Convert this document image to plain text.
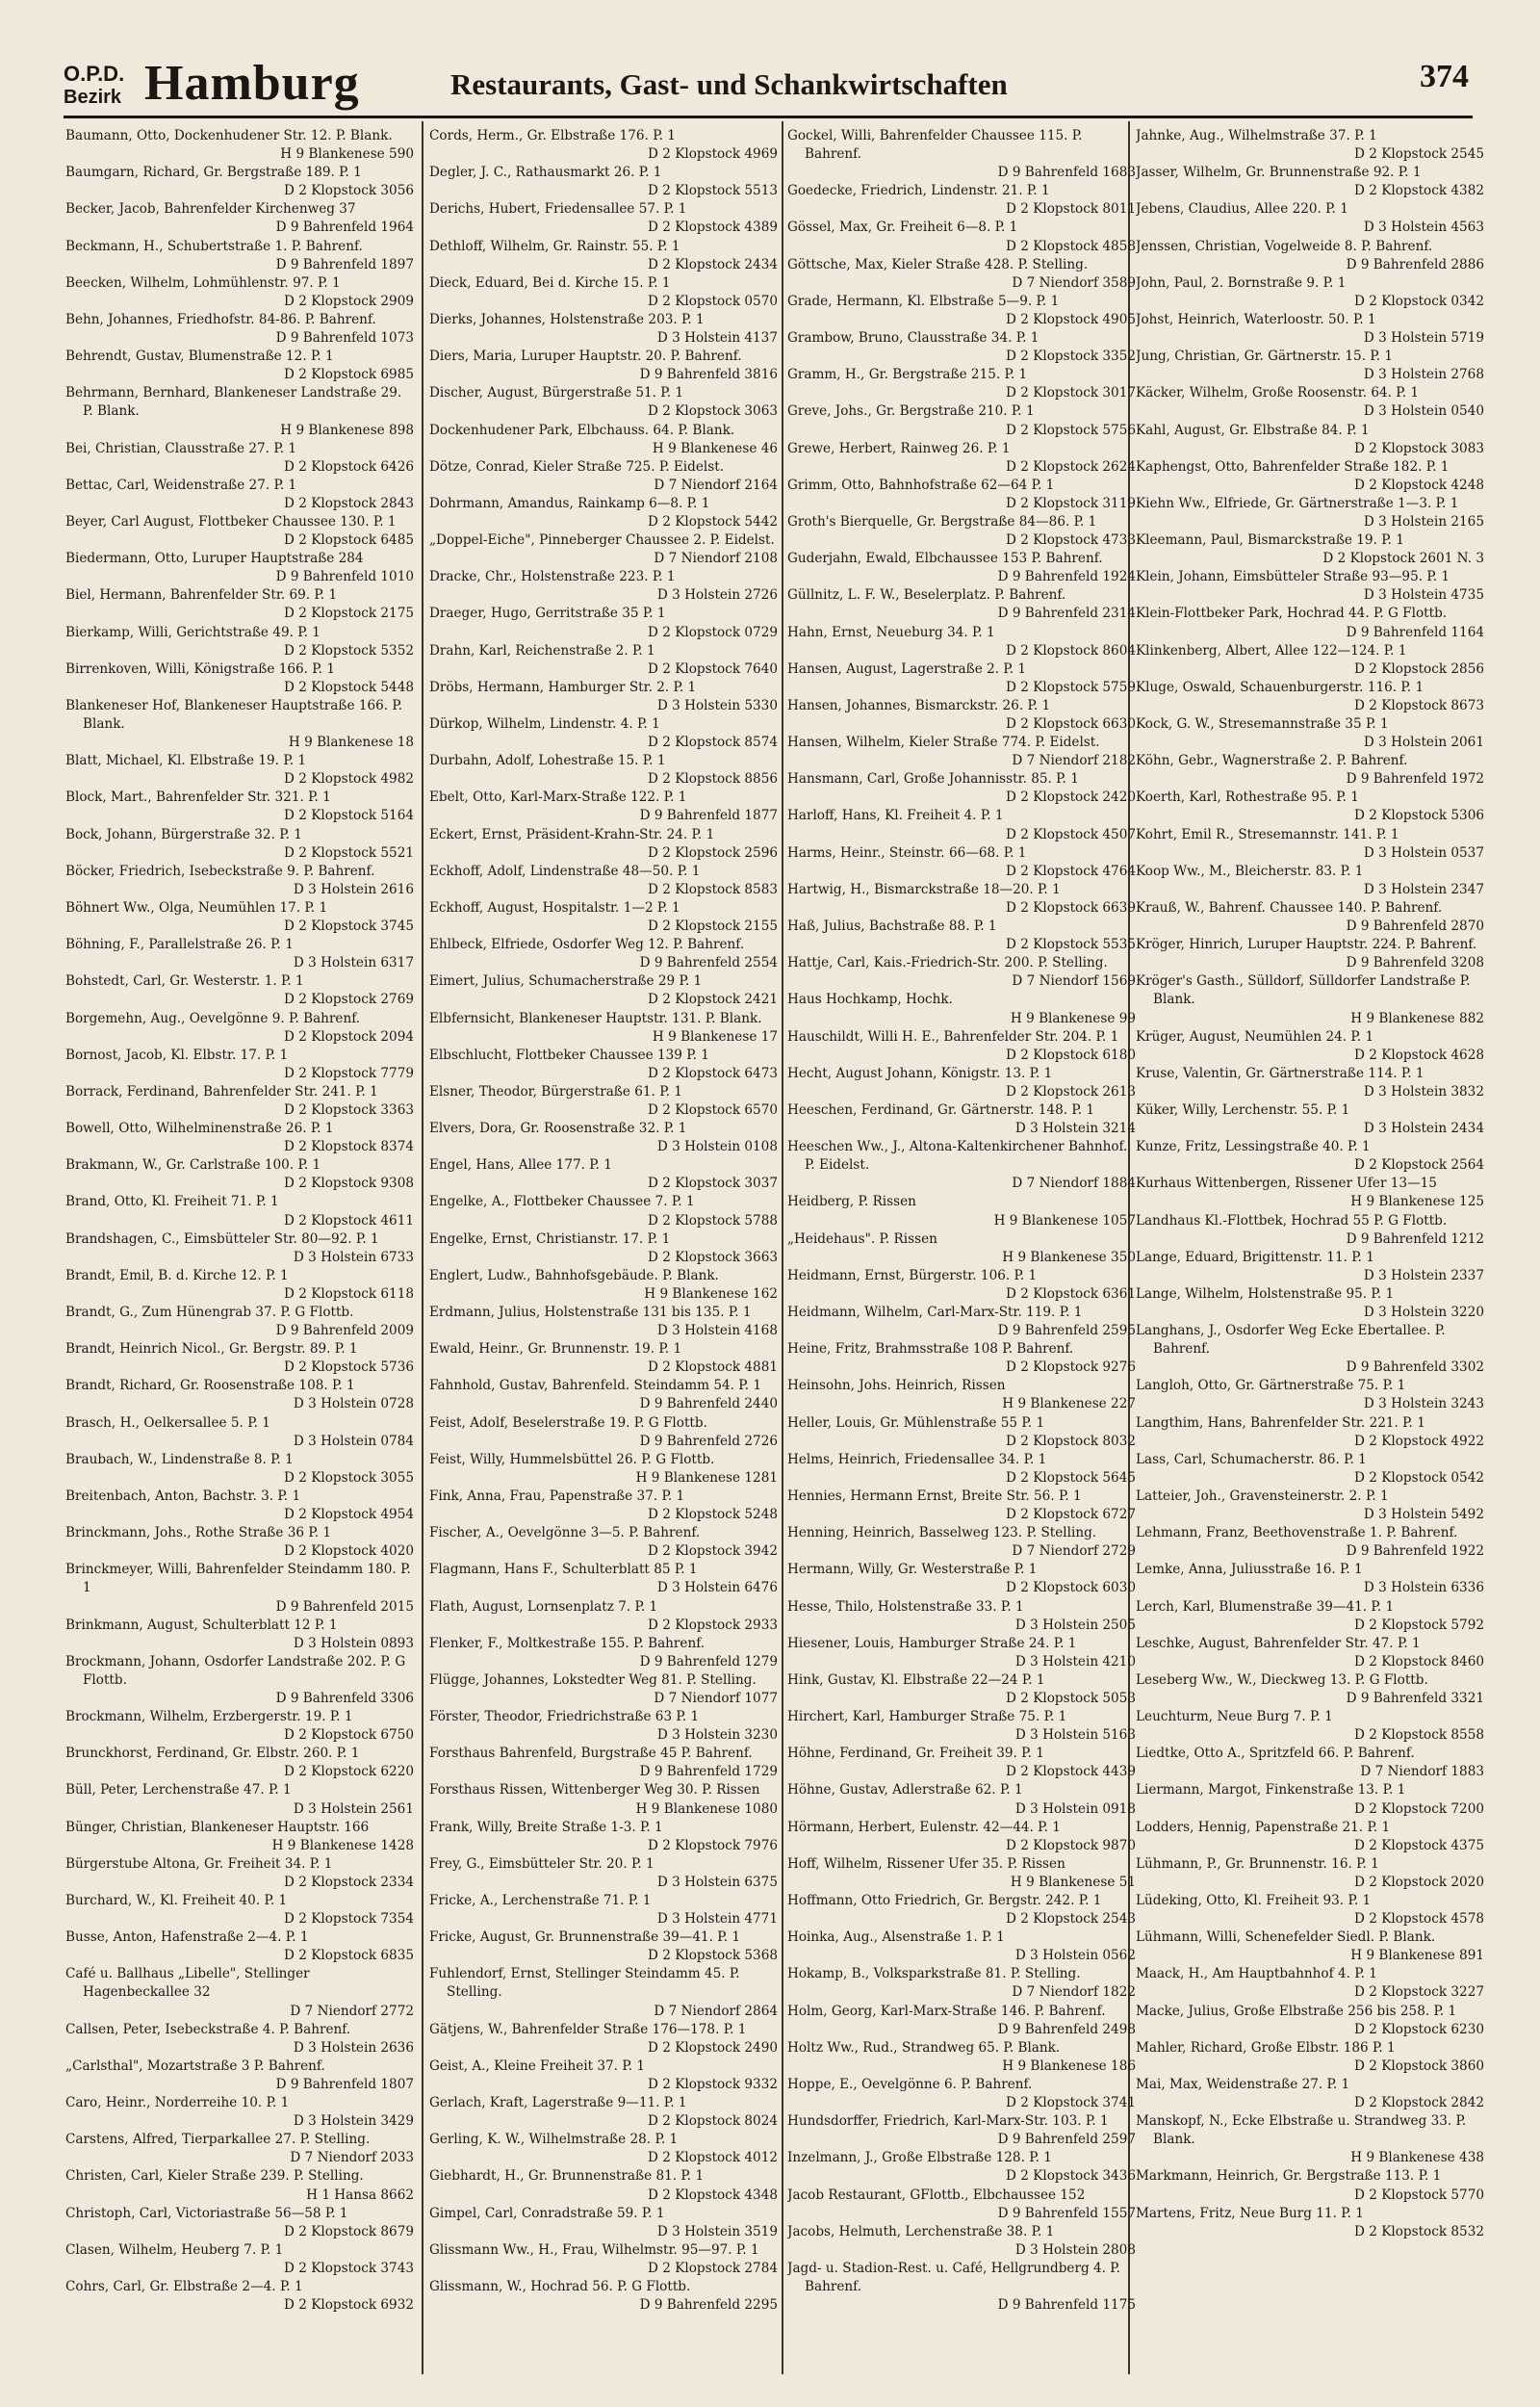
O.P.D.
Bezirk Hamburg	Restaurants, Gast- und Schankwirtschaften	374
Baumann, Otto, Dockenhudener Str. 12. P. Blank.
H 9 Blankenese 590
Baumgarn, Richard, Gr. Bergstraße 189. P. 1
D 2 Klopstock 3056
Becker, Jacob, Bahrenfelder Kirchenweg 37
D 9 Bahrenfeld 1964
Beckmann, H., Schubertstraße 1. P. Bahrenf.
D 9 Bahrenfeld 1897
Beecken, Wilhelm, Lohmühlenstr. 97. P. 1
D 2 Klopstock 2909
Behn, Johannes, Friedhofstr. 84-86. P. Bahrenf.
D 9 Bahrenfeld 1073
Behrendt, Gustav, Blumenstraße 12. P. 1
D 2 Klopstock 6985
Behrmann, Bernhard, Blankeneser Landstraße 29. P. Blank.
H 9 Blankenese 898
Bei, Christian, Clausstraße 27. P. 1
D 2 Klopstock 6426
Bettac, Carl, Weidenstraße 27. P. 1
D 2 Klopstock 2843
Beyer, Carl August, Flottbeker Chaussee 130. P. 1
D 2 Klopstock 6485
Biedermann, Otto, Luruper Hauptstraße 284
D 9 Bahrenfeld 1010
Biel, Hermann, Bahrenfelder Str. 69. P. 1
D 2 Klopstock 2175
Bierkamp, Willi, Gerichtstraße 49. P. 1
D 2 Klopstock 5352
Birrenkoven, Willi, Königstraße 166. P. 1
D 2 Klopstock 5448
Blankeneser Hof, Blankeneser Hauptstraße 166. P. Blank.
H 9 Blankenese 18
Blatt, Michael, Kl. Elbstraße 19. P. 1
D 2 Klopstock 4982
Block, Mart., Bahrenfelder Str. 321. P. 1
D 2 Klopstock 5164
Bock, Johann, Bürgerstraße 32. P. 1
D 2 Klopstock 5521
Böcker, Friedrich, Isebeckstraße 9. P. Bahrenf.
D 3 Holstein 2616
Böhnert Ww., Olga, Neumühlen 17. P. 1
D 2 Klopstock 3745
Böhning, F., Parallelstraße 26. P. 1
D 3 Holstein 6317
Bohstedt, Carl, Gr. Westerstr. 1. P. 1
D 2 Klopstock 2769
Borgemehn, Aug., Oevelgönne 9. P. Bahrenf.
D 2 Klopstock 2094
Bornost, Jacob, Kl. Elbstr. 17. P. 1
D 2 Klopstock 7779
Borrack, Ferdinand, Bahrenfelder Str. 241. P. 1
D 2 Klopstock 3363
Bowell, Otto, Wilhelminenstraße 26. P. 1
D 2 Klopstock 8374
Brakmann, W., Gr. Carlstraße 100. P. 1
D 2 Klopstock 9308
Brand, Otto, Kl. Freiheit 71. P. 1
D 2 Klopstock 4611
Brandshagen, C., Eimsbütteler Str. 80—92. P. 1
D 3 Holstein 6733
Brandt, Emil, B. d. Kirche 12. P. 1
D 2 Klopstock 6118
Brandt, G., Zum Hünengrab 37. P. G Flottb.
D 9 Bahrenfeld 2009
Brandt, Heinrich Nicol., Gr. Bergstr. 89. P. 1
D 2 Klopstock 5736
Brandt, Richard, Gr. Roosenstraße 108. P. 1
D 3 Holstein 0728
Brasch, H., Oelkersallee 5. P. 1
D 3 Holstein 0784
Braubach, W., Lindenstraße 8. P. 1
D 2 Klopstock 3055
Breitenbach, Anton, Bachstr. 3. P. 1
D 2 Klopstock 4954
Brinckmann, Johs., Rothe Straße 36 P. 1
D 2 Klopstock 4020
Brinckmeyer, Willi, Bahrenfelder Steindamm 180. P. 1
D 9 Bahrenfeld 2015
Brinkmann, August, Schulterblatt 12 P. 1
D 3 Holstein 0893
Brockmann, Johann, Osdorfer Landstraße 202. P. G Flottb.
D 9 Bahrenfeld 3306
Brockmann, Wilhelm, Erzbergerstr. 19. P. 1
D 2 Klopstock 6750
Brunckhorst, Ferdinand, Gr. Elbstr. 260. P. 1
D 2 Klopstock 6220
Büll, Peter, Lerchenstraße 47. P. 1
D 3 Holstein 2561
Bünger, Christian, Blankeneser Hauptstr. 166
H 9 Blankenese 1428
Bürgerstube Altona, Gr. Freiheit 34. P. 1
D 2 Klopstock 2334
Burchard, W., Kl. Freiheit 40. P. 1
D 2 Klopstock 7354
Busse, Anton, Hafenstraße 2—4. P. 1
D 2 Klopstock 6835
Café u. Ballhaus „Libelle", Stellinger Hagenbeckallee 32
D 7 Niendorf 2772
Callsen, Peter, Isebeckstraße 4. P. Bahrenf.
D 3 Holstein 2636
„Carlsthal", Mozartstraße 3 P. Bahrenf.
D 9 Bahrenfeld 1807
Caro, Heinr., Norderreihe 10. P. 1
D 3 Holstein 3429
Carstens, Alfred, Tierparkallee 27. P. Stelling.
D 7 Niendorf 2033
Christen, Carl, Kieler Straße 239. P. Stelling.
H 1 Hansa 8662
Christoph, Carl, Victoriastraße 56—58 P. 1
D 2 Klopstock 8679
Clasen, Wilhelm, Heuberg 7. P. 1
D 2 Klopstock 3743
Cohrs, Carl, Gr. Elbstraße 2—4. P. 1
D 2 Klopstock 6932
Cords, Herm., Gr. Elbstraße 176. P. 1
D 2 Klopstock 4969
Degler, J. C., Rathausmarkt 26. P. 1
D 2 Klopstock 5513
Derichs, Hubert, Friedensallee 57. P. 1
D 2 Klopstock 4389
Dethloff, Wilhelm, Gr. Rainstr. 55. P. 1
D 2 Klopstock 2434
Dieck, Eduard, Bei d. Kirche 15. P. 1
D 2 Klopstock 0570
Dierks, Johannes, Holstenstraße 203. P. 1
D 3 Holstein 4137
Diers, Maria, Luruper Hauptstr. 20. P. Bahrenf.
D 9 Bahrenfeld 3816
Discher, August, Bürgerstraße 51. P. 1
D 2 Klopstock 3063
Dockenhudener Park, Elbchauss. 64. P. Blank.
H 9 Blankenese 46
Dötze, Conrad, Kieler Straße 725. P. Eidelst.
D 7 Niendorf 2164
Dohrmann, Amandus, Rainkamp 6—8. P. 1
D 2 Klopstock 5442
„Doppel-Eiche", Pinneberger Chaussee 2. P. Eidelst.
D 7 Niendorf 2108
Dracke, Chr., Holstenstraße 223. P. 1
D 3 Holstein 2726
Draeger, Hugo, Gerritstraße 35 P. 1
D 2 Klopstock 0729
Drahn, Karl, Reichenstraße 2. P. 1
D 2 Klopstock 7640
Dröbs, Hermann, Hamburger Str. 2. P. 1
D 3 Holstein 5330
Dürkop, Wilhelm, Lindenstr. 4. P. 1
D 2 Klopstock 8574
Durbahn, Adolf, Lohestraße 15. P. 1
D 2 Klopstock 8856
Ebelt, Otto, Karl-Marx-Straße 122. P. 1
D 9 Bahrenfeld 1877
Eckert, Ernst, Präsident-Krahn-Str. 24. P. 1
D 2 Klopstock 2596
Eckhoff, Adolf, Lindenstraße 48—50. P. 1
D 2 Klopstock 8583
Eckhoff, August, Hospitalstr. 1—2 P. 1
D 2 Klopstock 2155
Ehlbeck, Elfriede, Osdorfer Weg 12. P. Bahrenf.
D 9 Bahrenfeld 2554
Eimert, Julius, Schumacherstraße 29 P. 1
D 2 Klopstock 2421
Elbfernsicht, Blankeneser Hauptstr. 131. P. Blank.
H 9 Blankenese 17
Elbschlucht, Flottbeker Chaussee 139 P. 1
D 2 Klopstock 6473
Elsner, Theodor, Bürgerstraße 61. P. 1
D 2 Klopstock 6570
Elvers, Dora, Gr. Roosenstraße 32. P. 1
D 3 Holstein 0108
Engel, Hans, Allee 177. P. 1
D 2 Klopstock 3037
Engelke, A., Flottbeker Chaussee 7. P. 1
D 2 Klopstock 5788
Engelke, Ernst, Christianstr. 17. P. 1
D 2 Klopstock 3663
Englert, Ludw., Bahnhofsgebäude. P. Blank.
H 9 Blankenese 162
Erdmann, Julius, Holstenstraße 131 bis 135. P. 1
D 3 Holstein 4168
Ewald, Heinr., Gr. Brunnenstr. 19. P. 1
D 2 Klopstock 4881
Fahnhold, Gustav, Bahrenfeld. Steindamm 54. P. 1
D 9 Bahrenfeld 2440
Feist, Adolf, Beselerstraße 19. P. G Flottb.
D 9 Bahrenfeld 2726
Feist, Willy, Hummelsbüttel 26. P. G Flottb.
H 9 Blankenese 1281
Fink, Anna, Frau, Papenstraße 37. P. 1
D 2 Klopstock 5248
Fischer, A., Oevelgönne 3—5. P. Bahrenf.
D 2 Klopstock 3942
Flagmann, Hans F., Schulterblatt 85 P. 1
D 3 Holstein 6476
Flath, August, Lornsenplatz 7. P. 1
D 2 Klopstock 2933
Flenker, F., Moltkestraße 155. P. Bahrenf.
D 9 Bahrenfeld 1279
Flügge, Johannes, Lokstedter Weg 81. P. Stelling.
D 7 Niendorf 1077
Förster, Theodor, Friedrichstraße 63 P. 1
D 3 Holstein 3230
Forsthaus Bahrenfeld, Burgstraße 45 P. Bahrenf.
D 9 Bahrenfeld 1729
Forsthaus Rissen, Wittenberger Weg 30. P. Rissen
H 9 Blankenese 1080
Frank, Willy, Breite Straße 1-3. P. 1
D 2 Klopstock 7976
Frey, G., Eimsbütteler Str. 20. P. 1
D 3 Holstein 6375
Fricke, A., Lerchenstraße 71. P. 1
D 3 Holstein 4771
Fricke, August, Gr. Brunnenstraße 39—41. P. 1
D 2 Klopstock 5368
Fuhlendorf, Ernst, Stellinger Steindamm 45. P. Stelling.
D 7 Niendorf 2864
Gätjens, W., Bahrenfelder Straße 176—178. P. 1
D 2 Klopstock 2490
Geist, A., Kleine Freiheit 37. P. 1
D 2 Klopstock 9332
Gerlach, Kraft, Lagerstraße 9—11. P. 1
D 2 Klopstock 8024
Gerling, K. W., Wilhelmstraße 28. P. 1
D 2 Klopstock 4012
Giebhardt, H., Gr. Brunnenstraße 81. P. 1
D 2 Klopstock 4348
Gimpel, Carl, Conradstraße 59. P. 1
D 3 Holstein 3519
Glissmann Ww., H., Frau, Wilhelmstr. 95—97. P. 1
D 2 Klopstock 2784
Glissmann, W., Hochrad 56. P. G Flottb.
D 9 Bahrenfeld 2295
Gockel, Willi, Bahrenfelder Chaussee 115. P. Bahrenf.
D 9 Bahrenfeld 1683
Goedecke, Friedrich, Lindenstr. 21. P. 1
D 2 Klopstock 8011
Gössel, Max, Gr. Freiheit 6—8. P. 1
D 2 Klopstock 4858
Göttsche, Max, Kieler Straße 428. P. Stelling.
D 7 Niendorf 3589
Grade, Hermann, Kl. Elbstraße 5—9. P. 1
D 2 Klopstock 4905
Grambow, Bruno, Clausstraße 34. P. 1
D 2 Klopstock 3352
Gramm, H., Gr. Bergstraße 215. P. 1
D 2 Klopstock 3017
Greve, Johs., Gr. Bergstraße 210. P. 1
D 2 Klopstock 5756
Grewe, Herbert, Rainweg 26. P. 1
D 2 Klopstock 2624
Grimm, Otto, Bahnhofstraße 62—64 P. 1
D 2 Klopstock 3119
Groth's Bierquelle, Gr. Bergstraße 84—86. P. 1
D 2 Klopstock 4733
Guderjahn, Ewald, Elbchaussee 153 P. Bahrenf.
D 9 Bahrenfeld 1924
Güllnitz, L. F. W., Beselerplatz. P. Bahrenf.
D 9 Bahrenfeld 2314
Hahn, Ernst, Neueburg 34. P. 1
D 2 Klopstock 8604
Hansen, August, Lagerstraße 2. P. 1
D 2 Klopstock 5759
Hansen, Johannes, Bismarckstr. 26. P. 1
D 2 Klopstock 6630
Hansen, Wilhelm, Kieler Straße 774. P. Eidelst.
D 7 Niendorf 2182
Hansmann, Carl, Große Johannisstr. 85. P. 1
D 2 Klopstock 2420
Harloff, Hans, Kl. Freiheit 4. P. 1
D 2 Klopstock 4507
Harms, Heinr., Steinstr. 66—68. P. 1
D 2 Klopstock 4764
Hartwig, H., Bismarckstraße 18—20. P. 1
D 2 Klopstock 6639
Haß, Julius, Bachstraße 88. P. 1
D 2 Klopstock 5535
Hattje, Carl, Kais.-Friedrich-Str. 200. P. Stelling.
D 7 Niendorf 1569
Haus Hochkamp, Hochk.
H 9 Blankenese 99
Hauschildt, Willi H. E., Bahrenfelder Str. 204. P. 1
D 2 Klopstock 6180
Hecht, August Johann, Königstr. 13. P. 1
D 2 Klopstock 2613
Heeschen, Ferdinand, Gr. Gärtnerstr. 148. P. 1
D 3 Holstein 3214
Heeschen Ww., J., Altona-Kaltenkirchener Bahnhof. P. Eidelst.
D 7 Niendorf 1884
Heidberg, P. Rissen
H 9 Blankenese 1057
„Heidehaus". P. Rissen
H 9 Blankenese 350
Heidmann, Ernst, Bürgerstr. 106. P. 1
D 2 Klopstock 6361
Heidmann, Wilhelm, Carl-Marx-Str. 119. P. 1
D 9 Bahrenfeld 2595
Heine, Fritz, Brahmsstraße 108 P. Bahrenf.
D 2 Klopstock 9276
Heinsohn, Johs. Heinrich, Rissen
H 9 Blankenese 227
Heller, Louis, Gr. Mühlenstraße 55 P. 1
D 2 Klopstock 8032
Helms, Heinrich, Friedensallee 34. P. 1
D 2 Klopstock 5645
Hennies, Hermann Ernst, Breite Str. 56. P. 1
D 2 Klopstock 6727
Henning, Heinrich, Basselweg 123. P. Stelling.
D 7 Niendorf 2729
Hermann, Willy, Gr. Westerstraße P. 1
D 2 Klopstock 6030
Hesse, Thilo, Holstenstraße 33. P. 1
D 3 Holstein 2505
Hiesener, Louis, Hamburger Straße 24. P. 1
D 3 Holstein 4210
Hink, Gustav, Kl. Elbstraße 22—24 P. 1
D 2 Klopstock 5053
Hirchert, Karl, Hamburger Straße 75. P. 1
D 3 Holstein 5163
Höhne, Ferdinand, Gr. Freiheit 39. P. 1
D 2 Klopstock 4439
Höhne, Gustav, Adlerstraße 62. P. 1
D 3 Holstein 0918
Hörmann, Herbert, Eulenstr. 42—44. P. 1
D 2 Klopstock 9870
Hoff, Wilhelm, Rissener Ufer 35. P. Rissen
H 9 Blankenese 51
Hoffmann, Otto Friedrich, Gr. Bergstr. 242. P. 1
D 2 Klopstock 2543
Hoinka, Aug., Alsenstraße 1. P. 1
D 3 Holstein 0562
Hokamp, B., Volksparkstraße 81. P. Stelling.
D 7 Niendorf 1822
Holm, Georg, Karl-Marx-Straße 146. P. Bahrenf.
D 9 Bahrenfeld 2498
Holtz Ww., Rud., Strandweg 65. P. Blank.
H 9 Blankenese 186
Hoppe, E., Oevelgönne 6. P. Bahrenf.
D 2 Klopstock 3741
Hundsdorffer, Friedrich, Karl-Marx-Str. 103. P. 1
D 9 Bahrenfeld 2597
Inzelmann, J., Große Elbstraße 128. P. 1
D 2 Klopstock 3436
Jacob Restaurant, GFlottb., Elbchaussee 152
D 9 Bahrenfeld 1557
Jacobs, Helmuth, Lerchenstraße 38. P. 1
D 3 Holstein 2808
Jagd- u. Stadion-Rest. u. Café, Hellgrundberg 4. P. Bahrenf.
D 9 Bahrenfeld 1175
Jahnke, Aug., Wilhelmstraße 37. P. 1
D 2 Klopstock 2545
Jasser, Wilhelm, Gr. Brunnenstraße 92. P. 1
D 2 Klopstock 4382
Jebens, Claudius, Allee 220. P. 1
D 3 Holstein 4563
Jenssen, Christian, Vogelweide 8. P. Bahrenf.
D 9 Bahrenfeld 2886
John, Paul, 2. Bornstraße 9. P. 1
D 2 Klopstock 0342
Johst, Heinrich, Waterloostr. 50. P. 1
D 3 Holstein 5719
Jung, Christian, Gr. Gärtnerstr. 15. P. 1
D 3 Holstein 2768
Käcker, Wilhelm, Große Roosenstr. 64. P. 1
D 3 Holstein 0540
Kahl, August, Gr. Elbstraße 84. P. 1
D 2 Klopstock 3083
Kaphengst, Otto, Bahrenfelder Straße 182. P. 1
D 2 Klopstock 4248
Kiehn Ww., Elfriede, Gr. Gärtnerstraße 1—3. P. 1
D 3 Holstein 2165
Kleemann, Paul, Bismarckstraße 19. P. 1
D 2 Klopstock 2601 N. 3
Klein, Johann, Eimsbütteler Straße 93—95. P. 1
D 3 Holstein 4735
Klein-Flottbeker Park, Hochrad 44. P. G Flottb.
D 9 Bahrenfeld 1164
Klinkenberg, Albert, Allee 122—124. P. 1
D 2 Klopstock 2856
Kluge, Oswald, Schauenburgerstr. 116. P. 1
D 2 Klopstock 8673
Kock, G. W., Stresemannstraße 35 P. 1
D 3 Holstein 2061
Köhn, Gebr., Wagnerstraße 2. P. Bahrenf.
D 9 Bahrenfeld 1972
Koerth, Karl, Rothestraße 95. P. 1
D 2 Klopstock 5306
Kohrt, Emil R., Stresemannstr. 141. P. 1
D 3 Holstein 0537
Koop Ww., M., Bleicherstr. 83. P. 1
D 3 Holstein 2347
Krauß, W., Bahrenf. Chaussee 140. P. Bahrenf.
D 9 Bahrenfeld 2870
Kröger, Hinrich, Luruper Hauptstr. 224. P. Bahrenf.
D 9 Bahrenfeld 3208
Kröger's Gasth., Sülldorf, Sülldorfer Landstraße P. Blank.
H 9 Blankenese 882
Krüger, August, Neumühlen 24. P. 1
D 2 Klopstock 4628
Kruse, Valentin, Gr. Gärtnerstraße 114. P. 1
D 3 Holstein 3832
Küker, Willy, Lerchenstr. 55. P. 1
D 3 Holstein 2434
Kunze, Fritz, Lessingstraße 40. P. 1
D 2 Klopstock 2564
Kurhaus Wittenbergen, Rissener Ufer 13—15
H 9 Blankenese 125
Landhaus Kl.-Flottbek, Hochrad 55 P. G Flottb.
D 9 Bahrenfeld 1212
Lange, Eduard, Brigittenstr. 11. P. 1
D 3 Holstein 2337
Lange, Wilhelm, Holstenstraße 95. P. 1
D 3 Holstein 3220
Langhans, J., Osdorfer Weg Ecke Ebertallee. P. Bahrenf.
D 9 Bahrenfeld 3302
Langloh, Otto, Gr. Gärtnerstraße 75. P. 1
D 3 Holstein 3243
Langthim, Hans, Bahrenfelder Str. 221. P. 1
D 2 Klopstock 4922
Lass, Carl, Schumacherstr. 86. P. 1
D 2 Klopstock 0542
Latteier, Joh., Gravensteinerstr. 2. P. 1
D 3 Holstein 5492
Lehmann, Franz, Beethovenstraße 1. P. Bahrenf.
D 9 Bahrenfeld 1922
Lemke, Anna, Juliusstraße 16. P. 1
D 3 Holstein 6336
Lerch, Karl, Blumenstraße 39—41. P. 1
D 2 Klopstock 5792
Leschke, August, Bahrenfelder Str. 47. P. 1
D 2 Klopstock 8460
Leseberg Ww., W., Dieckweg 13. P. G Flottb.
D 9 Bahrenfeld 3321
Leuchturm, Neue Burg 7. P. 1
D 2 Klopstock 8558
Liedtke, Otto A., Spritzfeld 66. P. Bahrenf.
D 7 Niendorf 1883
Liermann, Margot, Finkenstraße 13. P. 1
D 2 Klopstock 7200
Lodders, Hennig, Papenstraße 21. P. 1
D 2 Klopstock 4375
Lühmann, P., Gr. Brunnenstr. 16. P. 1
D 2 Klopstock 2020
Lüdeking, Otto, Kl. Freiheit 93. P. 1
D 2 Klopstock 4578
Lühmann, Willi, Schenefelder Siedl. P. Blank.
H 9 Blankenese 891
Maack, H., Am Hauptbahnhof 4. P. 1
D 2 Klopstock 3227
Macke, Julius, Große Elbstraße 256 bis 258. P. 1
D 2 Klopstock 6230
Mahler, Richard, Große Elbstr. 186 P. 1
D 2 Klopstock 3860
Mai, Max, Weidenstraße 27. P. 1
D 2 Klopstock 2842
Manskopf, N., Ecke Elbstraße u. Strandweg 33. P. Blank.
H 9 Blankenese 438
Markmann, Heinrich, Gr. Bergstraße 113. P. 1
D 2 Klopstock 5770
Martens, Fritz, Neue Burg 11. P. 1
D 2 Klopstock 8532
